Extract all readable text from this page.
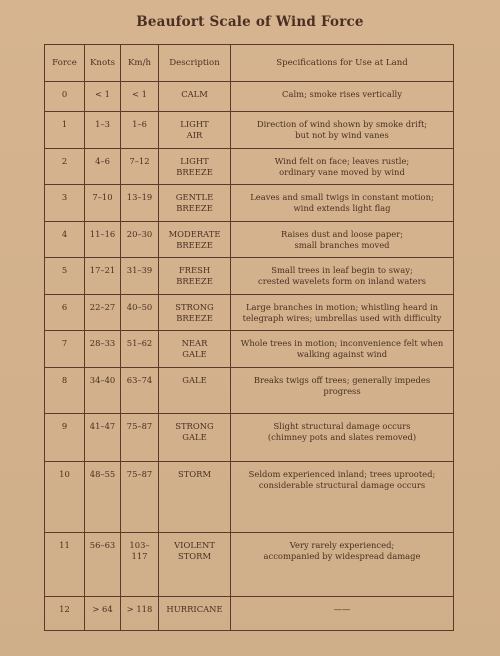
Beaufort Scale of Wind Force
Force	Knots	Km/h	Description	Specifications for Use at Land
0	< 1	< 1	CALM	Calm; smoke rises vertically

1	1–3	1–6	LIGHT
AIR	Direction of wind shown by smoke drift;
but not by wind vanes
2	4–6	7–12	LIGHT
BREEZE	Wind felt on face; leaves rustle;
ordinary vane moved by wind
3	7–10	13–19	GENTLE
BREEZE	Leaves and small twigs in constant motion;
wind extends light flag
4	11–16	20–30	MODERATE
BREEZE	Raises dust and loose paper;
small branches moved
5	17–21	31–39	FRESH
BREEZE	Small trees in leaf begin to sway;
crested wavelets form on inland waters
6	22–27	40–50	STRONG
BREEZE	Large branches in motion; whistling heard in
telegraph wires; umbrellas used with difficulty
7	28–33	51–62	NEAR
GALE	Whole trees in motion; inconvenience felt when
walking against wind
8	34–40	63–74	GALE	Breaks twigs off trees; generally impedes progress

9	41–47	75–87	STRONG
GALE	Slight structural damage occurs
(chimney pots and slates removed)
10	48–55	75–87	STORM	Seldom experienced inland; trees uprooted;
considerable structural damage occurs
11	56–63	103–117	VIOLENT
STORM	Very rarely experienced;
accompanied by widespread damage
12	> 64	> 118	HURRICANE	——
